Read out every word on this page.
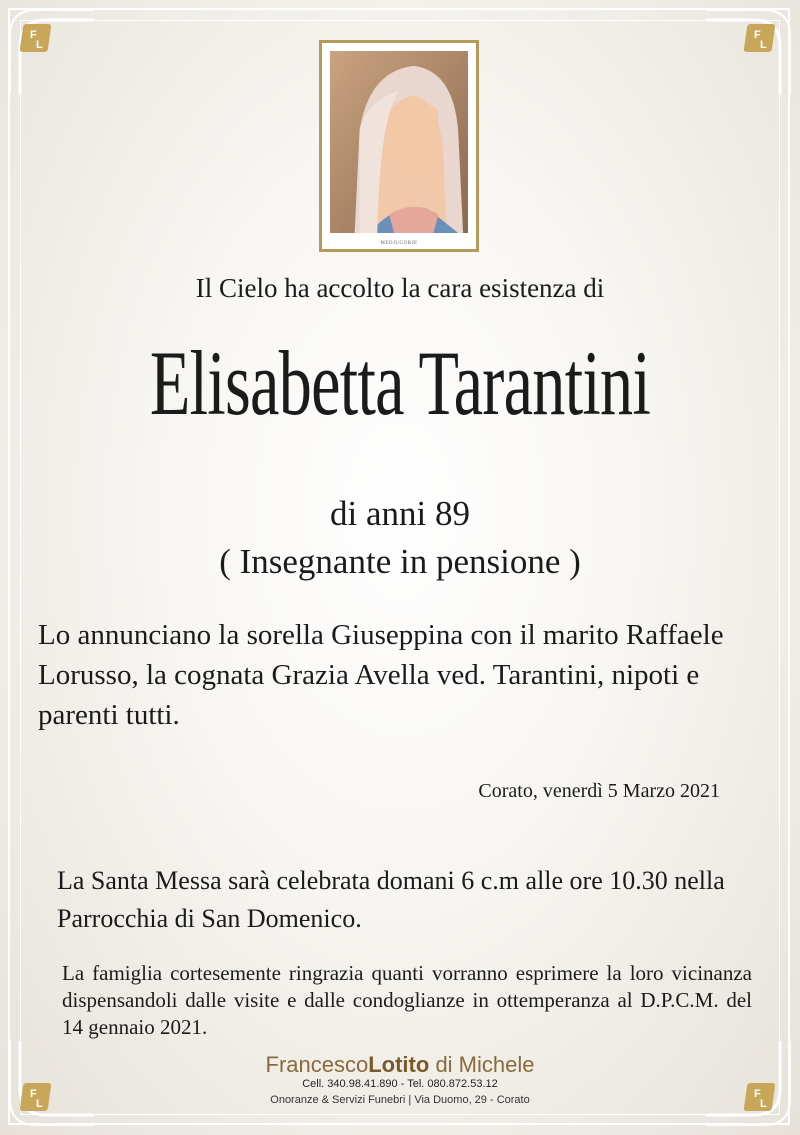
F
L
F
L
F
L
F
L
MEDJUGORJE
Il Cielo ha accolto la cara esistenza di
Elisabetta Tarantini
di anni 89
( Insegnante in pensione )
Lo annunciano la sorella Giuseppina con il marito Raffaele Lorusso, la cognata Grazia Avella ved. Tarantini, nipoti e parenti tutti.
Corato, venerdì 5 Marzo 2021
La Santa Messa sarà celebrata domani 6 c.m alle ore 10.30 nella Parrocchia di San Domenico.
La famiglia cortesemente ringrazia quanti vorranno esprimere la loro vicinanza dispensandoli dalle visite e dalle condoglianze in ottemperanza al D.P.C.M. del 14 gennaio 2021.
FrancescoLotito di Michele
Cell. 340.98.41.890 - Tel. 080.872.53.12
Onoranze & Servizi Funebri | Via Duomo, 29 - Corato
